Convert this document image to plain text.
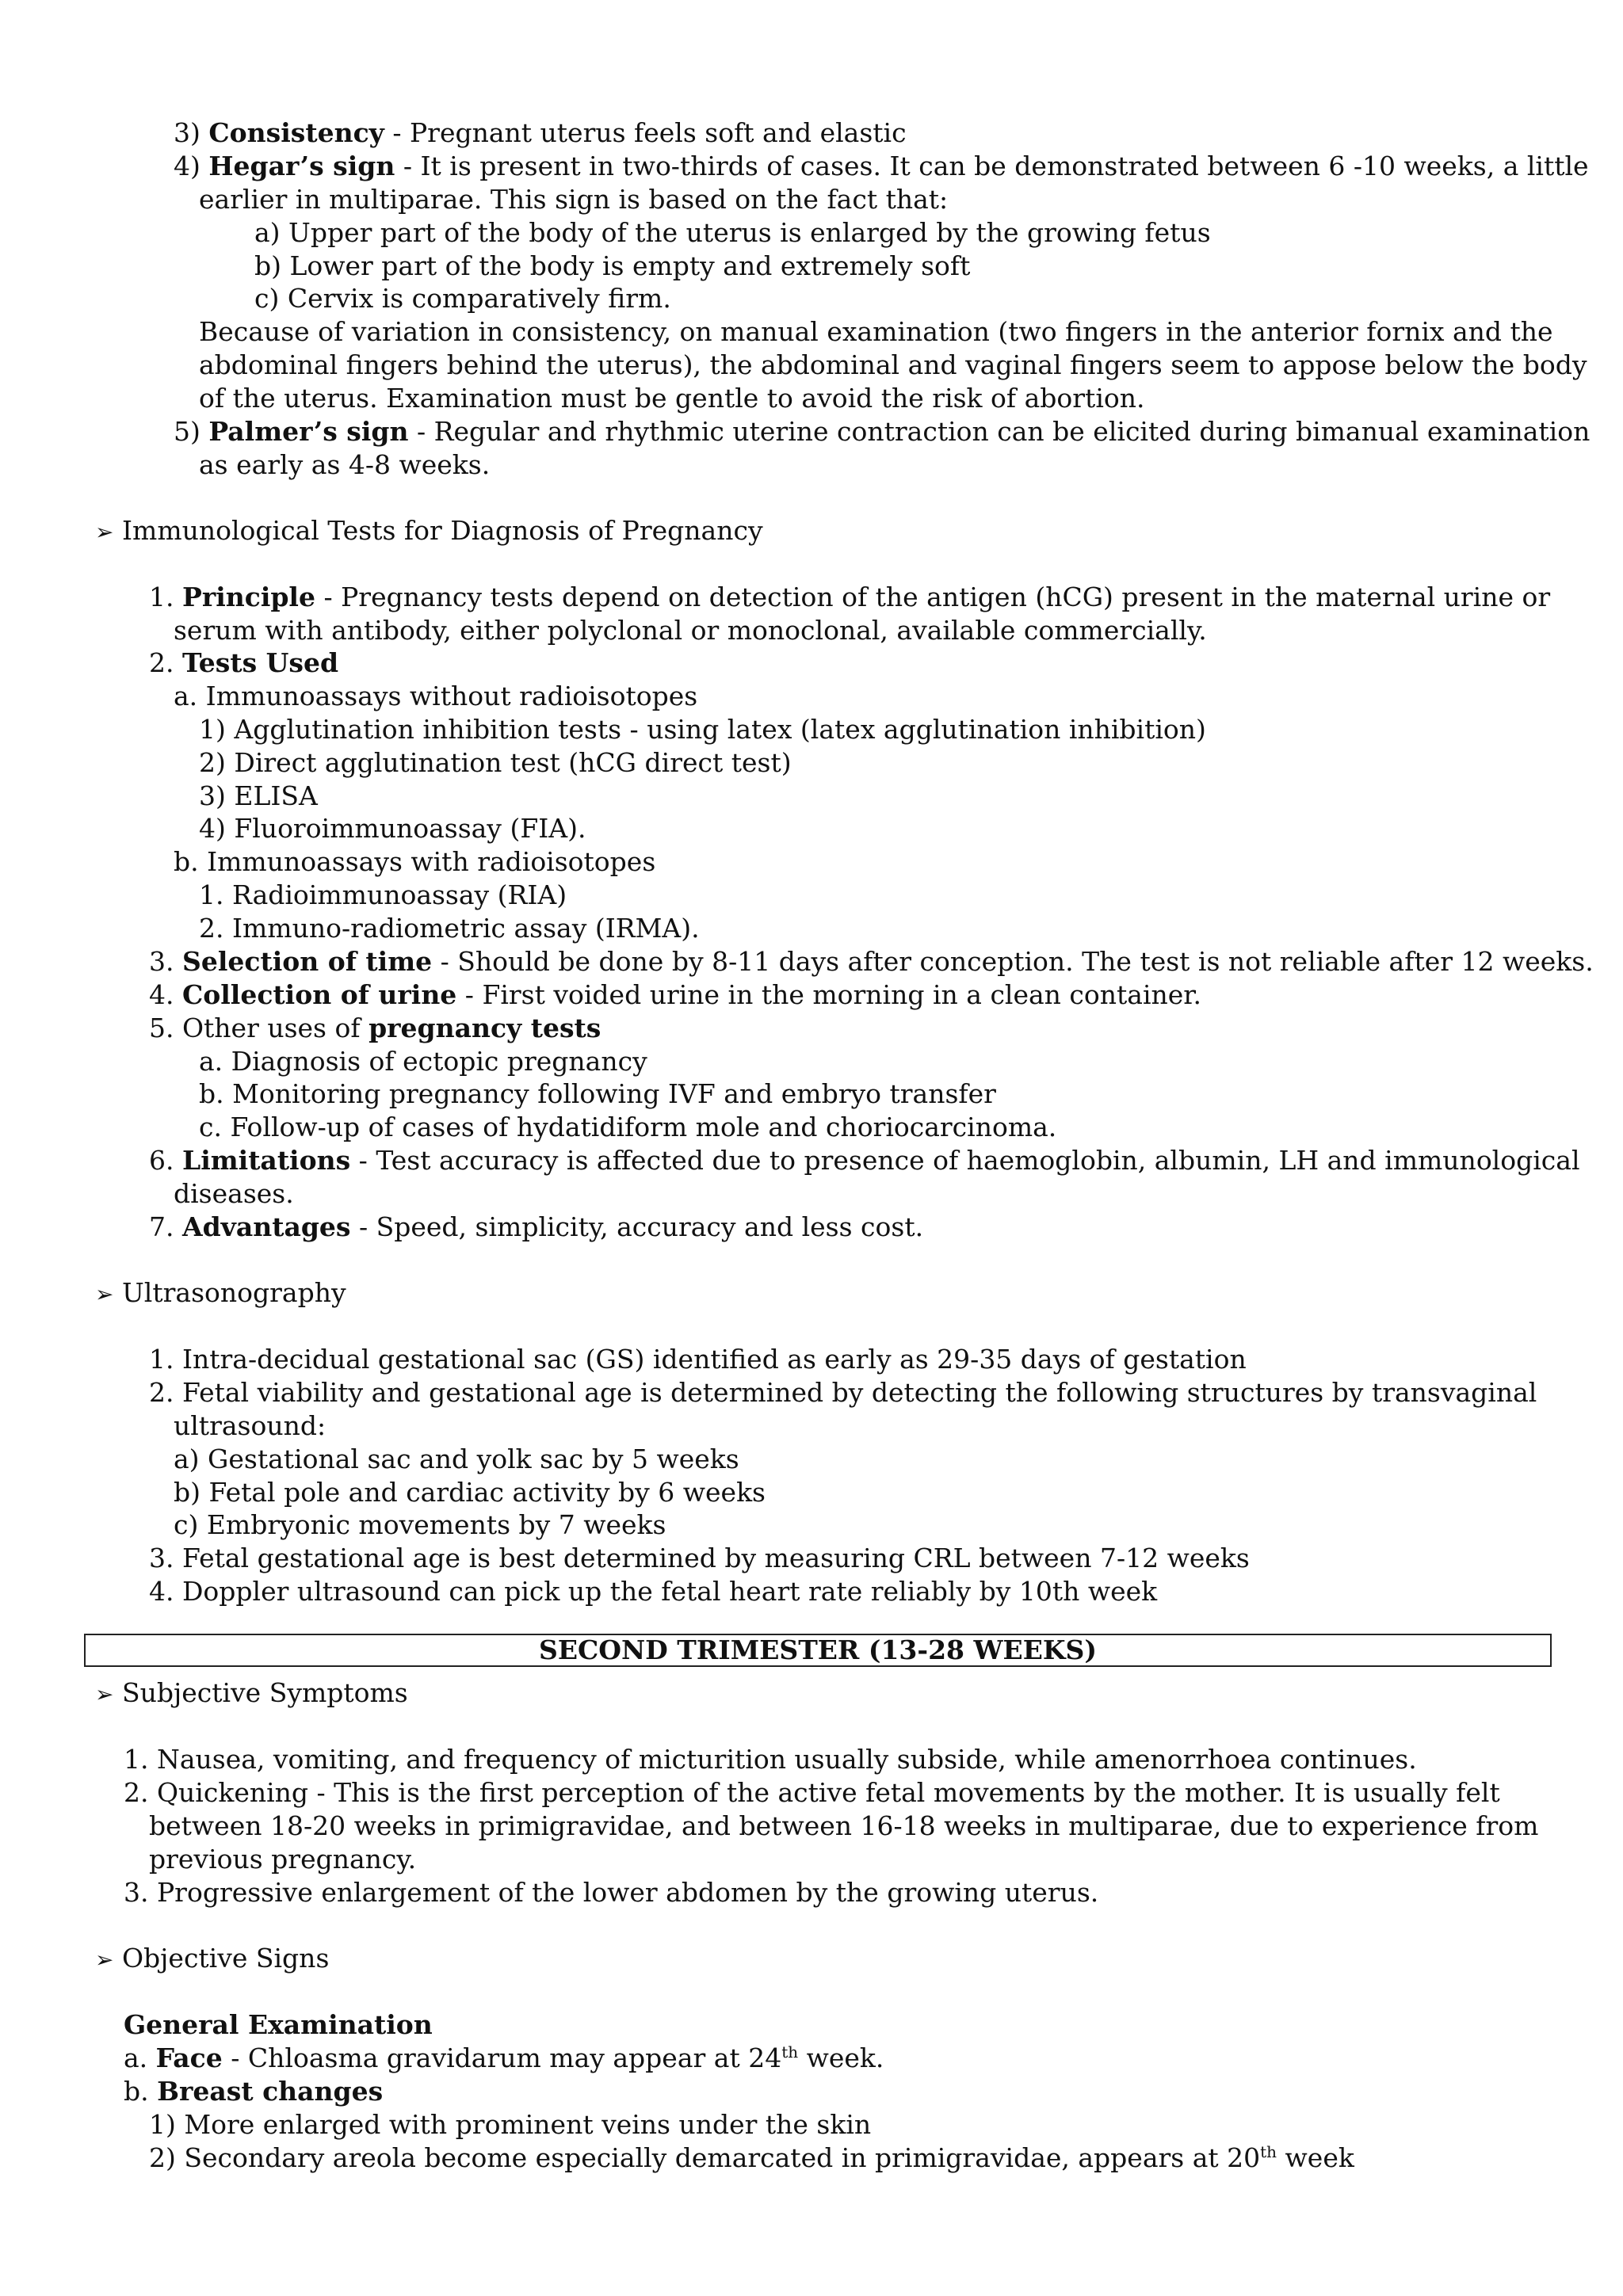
3) Consistency - Pregnant uterus feels soft and elastic
4) Hegar’s sign - It is present in two-thirds of cases. It can be demonstrated between 6 -10 weeks, a little
earlier in multiparae. This sign is based on the fact that:
a) Upper part of the body of the uterus is enlarged by the growing fetus
b) Lower part of the body is empty and extremely soft
c) Cervix is comparatively firm.
Because of variation in consistency, on manual examination (two fingers in the anterior fornix and the
abdominal fingers behind the uterus), the abdominal and vaginal fingers seem to appose below the body
of the uterus. Examination must be gentle to avoid the risk of abortion.
5) Palmer’s sign - Regular and rhythmic uterine contraction can be elicited during bimanual examination
as early as 4-8 weeks.
➢ Immunological Tests for Diagnosis of Pregnancy
1. Principle - Pregnancy tests depend on detection of the antigen (hCG) present in the maternal urine or
serum with antibody, either polyclonal or monoclonal, available commercially.
2. Tests Used
a. Immunoassays without radioisotopes
1) Agglutination inhibition tests - using latex (latex agglutination inhibition)
2) Direct agglutination test (hCG direct test)
3) ELISA
4) Fluoroimmunoassay (FIA).
b. Immunoassays with radioisotopes
1. Radioimmunoassay (RIA)
2. Immuno-radiometric assay (IRMA).
3. Selection of time - Should be done by 8-11 days after conception. The test is not reliable after 12 weeks.
4. Collection of urine - First voided urine in the morning in a clean container.
5. Other uses of pregnancy tests
a. Diagnosis of ectopic pregnancy
b. Monitoring pregnancy following IVF and embryo transfer
c. Follow-up of cases of hydatidiform mole and choriocarcinoma.
6. Limitations - Test accuracy is affected due to presence of haemoglobin, albumin, LH and immunological
diseases.
7. Advantages - Speed, simplicity, accuracy and less cost.
➢ Ultrasonography
1. Intra-decidual gestational sac (GS) identified as early as 29-35 days of gestation
2. Fetal viability and gestational age is determined by detecting the following structures by transvaginal
ultrasound:
a) Gestational sac and yolk sac by 5 weeks
b) Fetal pole and cardiac activity by 6 weeks
c) Embryonic movements by 7 weeks
3. Fetal gestational age is best determined by measuring CRL between 7-12 weeks
4. Doppler ultrasound can pick up the fetal heart rate reliably by 10th week
SECOND TRIMESTER (13-28 WEEKS)
➢ Subjective Symptoms
1. Nausea, vomiting, and frequency of micturition usually subside, while amenorrhoea continues.
2. Quickening - This is the first perception of the active fetal movements by the mother. It is usually felt
between 18-20 weeks in primigravidae, and between 16-18 weeks in multiparae, due to experience from
previous pregnancy.
3. Progressive enlargement of the lower abdomen by the growing uterus.
➢ Objective Signs
General Examination
a. Face - Chloasma gravidarum may appear at 24th week.
b. Breast changes
1) More enlarged with prominent veins under the skin
2) Secondary areola become especially demarcated in primigravidae, appears at 20th week
